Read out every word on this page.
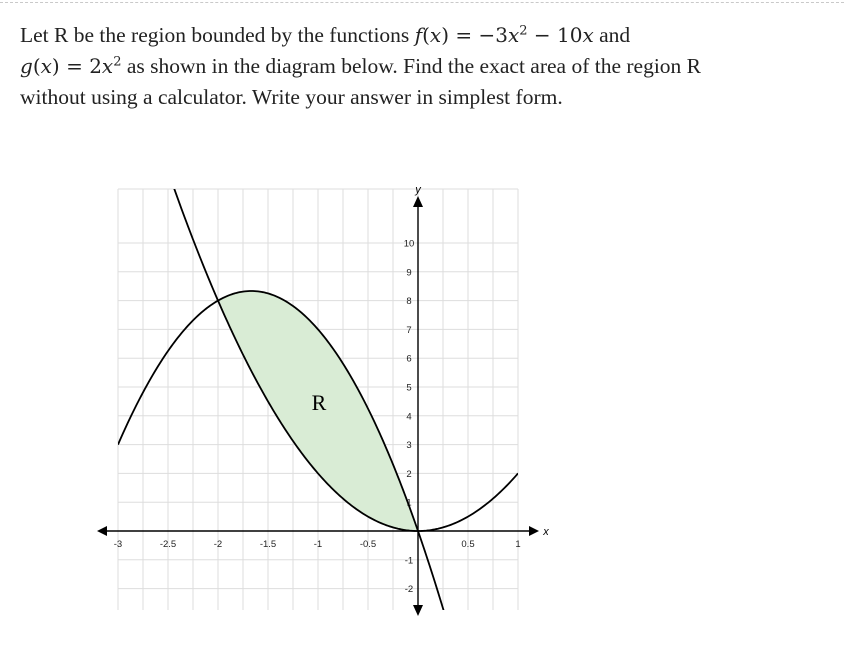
Let R be the region bounded by the functions $f(x) = -3x^2 - 10x$ and
$g(x) = 2x^2$ as shown in the diagram below. Find the exact area of the region R
without using a calculator. Write your answer in simplest form.
x
y
-3	-2.5	-2	-1.5	-1	-0.5	0.5	1
-2
-1
1
2
3
4
5
6
7
8
9
10
R
